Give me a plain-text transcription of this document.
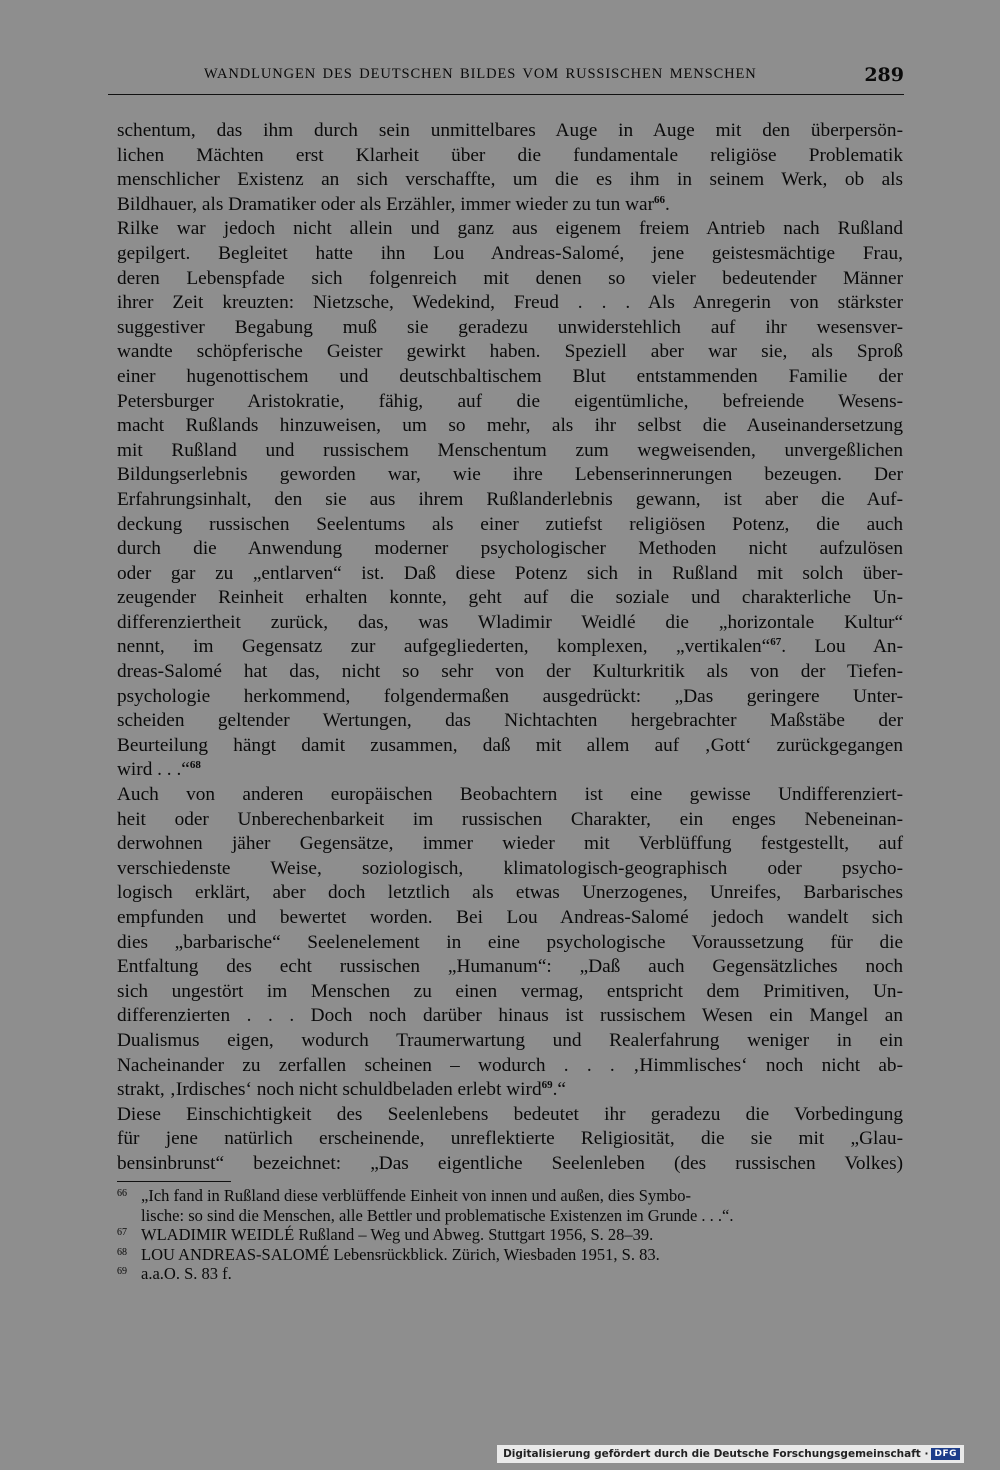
WANDLUNGEN DES DEUTSCHEN BILDES VOM RUSSISCHEN MENSCHEN	289
schentum, das ihm durch sein unmittelbares Auge in Auge mit den überpersön-
lichen Mächten erst Klarheit über die fundamentale religiöse Problematik
menschlicher Existenz an sich verschaffte, um die es ihm in seinem Werk, ob als
Bildhauer, als Dramatiker oder als Erzähler, immer wieder zu tun war$^{66}$.
Rilke war jedoch nicht allein und ganz aus eigenem freiem Antrieb nach Rußland
gepilgert. Begleitet hatte ihn Lou Andreas-Salomé, jene geistesmächtige Frau,
deren Lebenspfade sich folgenreich mit denen so vieler bedeutender Männer
ihrer Zeit kreuzten: Nietzsche, Wedekind, Freud . . . Als Anregerin von stärkster
suggestiver Begabung muß sie geradezu unwiderstehlich auf ihr wesensver-
wandte schöpferische Geister gewirkt haben. Speziell aber war sie, als Sproß
einer hugenottischem und deutschbaltischem Blut entstammenden Familie der
Petersburger Aristokratie, fähig, auf die eigentümliche, befreiende Wesens-
macht Rußlands hinzuweisen, um so mehr, als ihr selbst die Auseinandersetzung
mit Rußland und russischem Menschentum zum wegweisenden, unvergeßlichen
Bildungserlebnis geworden war, wie ihre Lebenserinnerungen bezeugen. Der
Erfahrungsinhalt, den sie aus ihrem Rußlanderlebnis gewann, ist aber die Auf-
deckung russischen Seelentums als einer zutiefst religiösen Potenz, die auch
durch die Anwendung moderner psychologischer Methoden nicht aufzulösen
oder gar zu „entlarven“ ist. Daß diese Potenz sich in Rußland mit solch über-
zeugender Reinheit erhalten konnte, geht auf die soziale und charakterliche Un-
differenziertheit zurück, das, was Wladimir Weidlé die „horizontale Kultur“
nennt, im Gegensatz zur aufgegliederten, komplexen, „vertikalen“$^{67}$. Lou An-
dreas-Salomé hat das, nicht so sehr von der Kulturkritik als von der Tiefen-
psychologie herkommend, folgendermaßen ausgedrückt: „Das geringere Unter-
scheiden geltender Wertungen, das Nichtachten hergebrachter Maßstäbe der
Beurteilung hängt damit zusammen, daß mit allem auf ‚Gott‘ zurückgegangen
wird . . .“$^{68}$
Auch von anderen europäischen Beobachtern ist eine gewisse Undifferenziert-
heit oder Unberechenbarkeit im russischen Charakter, ein enges Nebeneinan-
derwohnen jäher Gegensätze, immer wieder mit Verblüffung festgestellt, auf
verschiedenste Weise, soziologisch, klimatologisch-geographisch oder psycho-
logisch erklärt, aber doch letztlich als etwas Unerzogenes, Unreifes, Barbarisches
empfunden und bewertet worden. Bei Lou Andreas-Salomé jedoch wandelt sich
dies „barbarische“ Seelenelement in eine psychologische Voraussetzung für die
Entfaltung des echt russischen „Humanum“: „Daß auch Gegensätzliches noch
sich ungestört im Menschen zu einen vermag, entspricht dem Primitiven, Un-
differenzierten . . . Doch noch darüber hinaus ist russischem Wesen ein Mangel an
Dualismus eigen, wodurch Traumerwartung und Realerfahrung weniger in ein
Nacheinander zu zerfallen scheinen – wodurch . . . ‚Himmlisches‘ noch nicht ab-
strakt, ‚Irdisches‘ noch nicht schuldbeladen erlebt wird$^{69}$.“
Diese Einschichtigkeit des Seelenlebens bedeutet ihr geradezu die Vorbedingung
für jene natürlich erscheinende, unreflektierte Religiosität, die sie mit „Glau-
bensinbrunst“ bezeichnet: „Das eigentliche Seelenleben (des russischen Volkes)
66 „Ich fand in Rußland diese verblüffende Einheit von innen und außen, dies Symbo-
lische: so sind die Menschen, alle Bettler und problematische Existenzen im Grunde . . .“.
67 WLADIMIR WEIDLÉ Rußland – Weg und Abweg. Stuttgart 1956, S. 28–39.
68 LOU ANDREAS-SALOMÉ Lebensrückblick. Zürich, Wiesbaden 1951, S. 83.
69 a.a.O. S. 83 f.
Digitalisierung gefördert durch die Deutsche Forschungsgemeinschaft · DFG
